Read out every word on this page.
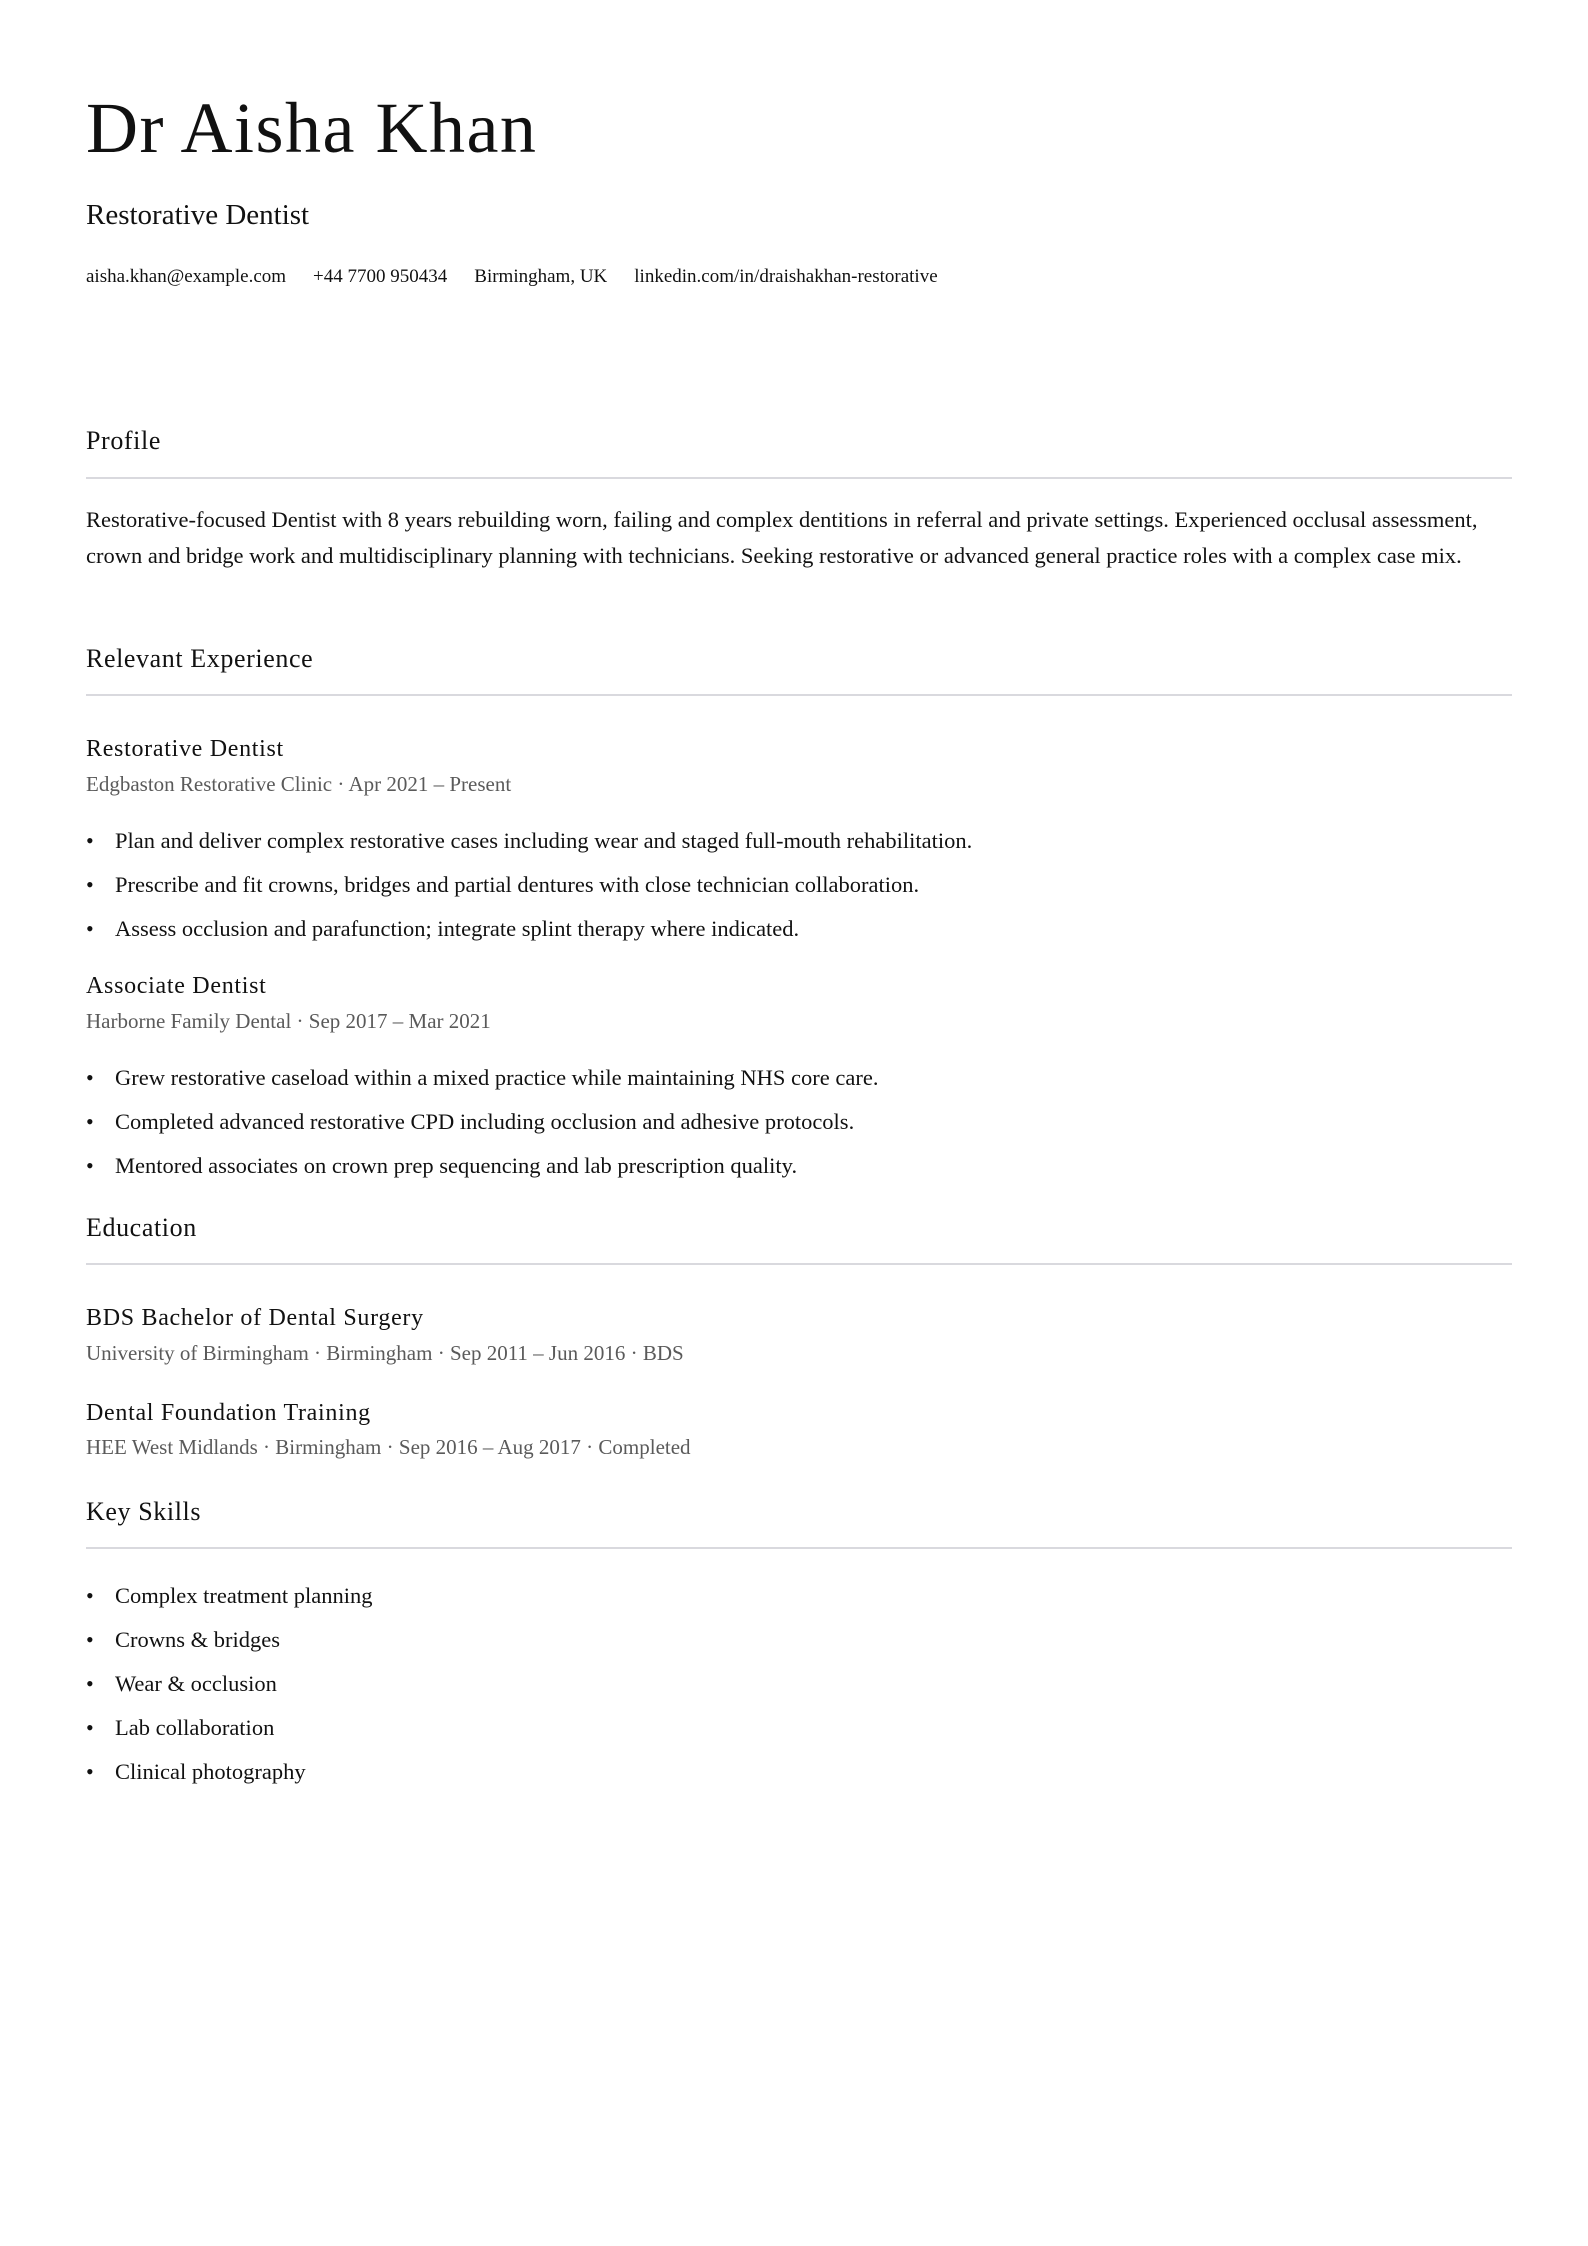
Dr Aisha Khan
Restorative Dentist
aisha.khan@example.com +44 7700 950434 Birmingham, UK linkedin.com/in/draishakhan-restorative
Profile

Restorative-focused Dentist with 8 years rebuilding worn, failing and complex dentitions in referral and private settings. Experienced occlusal assessment, crown and bridge work and multidisciplinary planning with technicians. Seeking restorative or advanced general practice roles with a complex case mix.

Relevant Experience
Restorative Dentist

Edgbaston Restorative Clinic · Apr 2021 – Present

• Plan and deliver complex restorative cases including wear and staged full-mouth rehabilitation.
• Prescribe and fit crowns, bridges and partial dentures with close technician collaboration.
• Assess occlusion and parafunction; integrate splint therapy where indicated.
Associate Dentist

Harborne Family Dental · Sep 2017 – Mar 2021

• Grew restorative caseload within a mixed practice while maintaining NHS core care.
• Completed advanced restorative CPD including occlusion and adhesive protocols.
• Mentored associates on crown prep sequencing and lab prescription quality.
Education
BDS Bachelor of Dental Surgery

University of Birmingham · Birmingham · Sep 2011 – Jun 2016 · BDS

Dental Foundation Training

HEE West Midlands · Birmingham · Sep 2016 – Aug 2017 · Completed

Key Skills
• Complex treatment planning
• Crowns & bridges
• Wear & occlusion
• Lab collaboration
• Clinical photography
